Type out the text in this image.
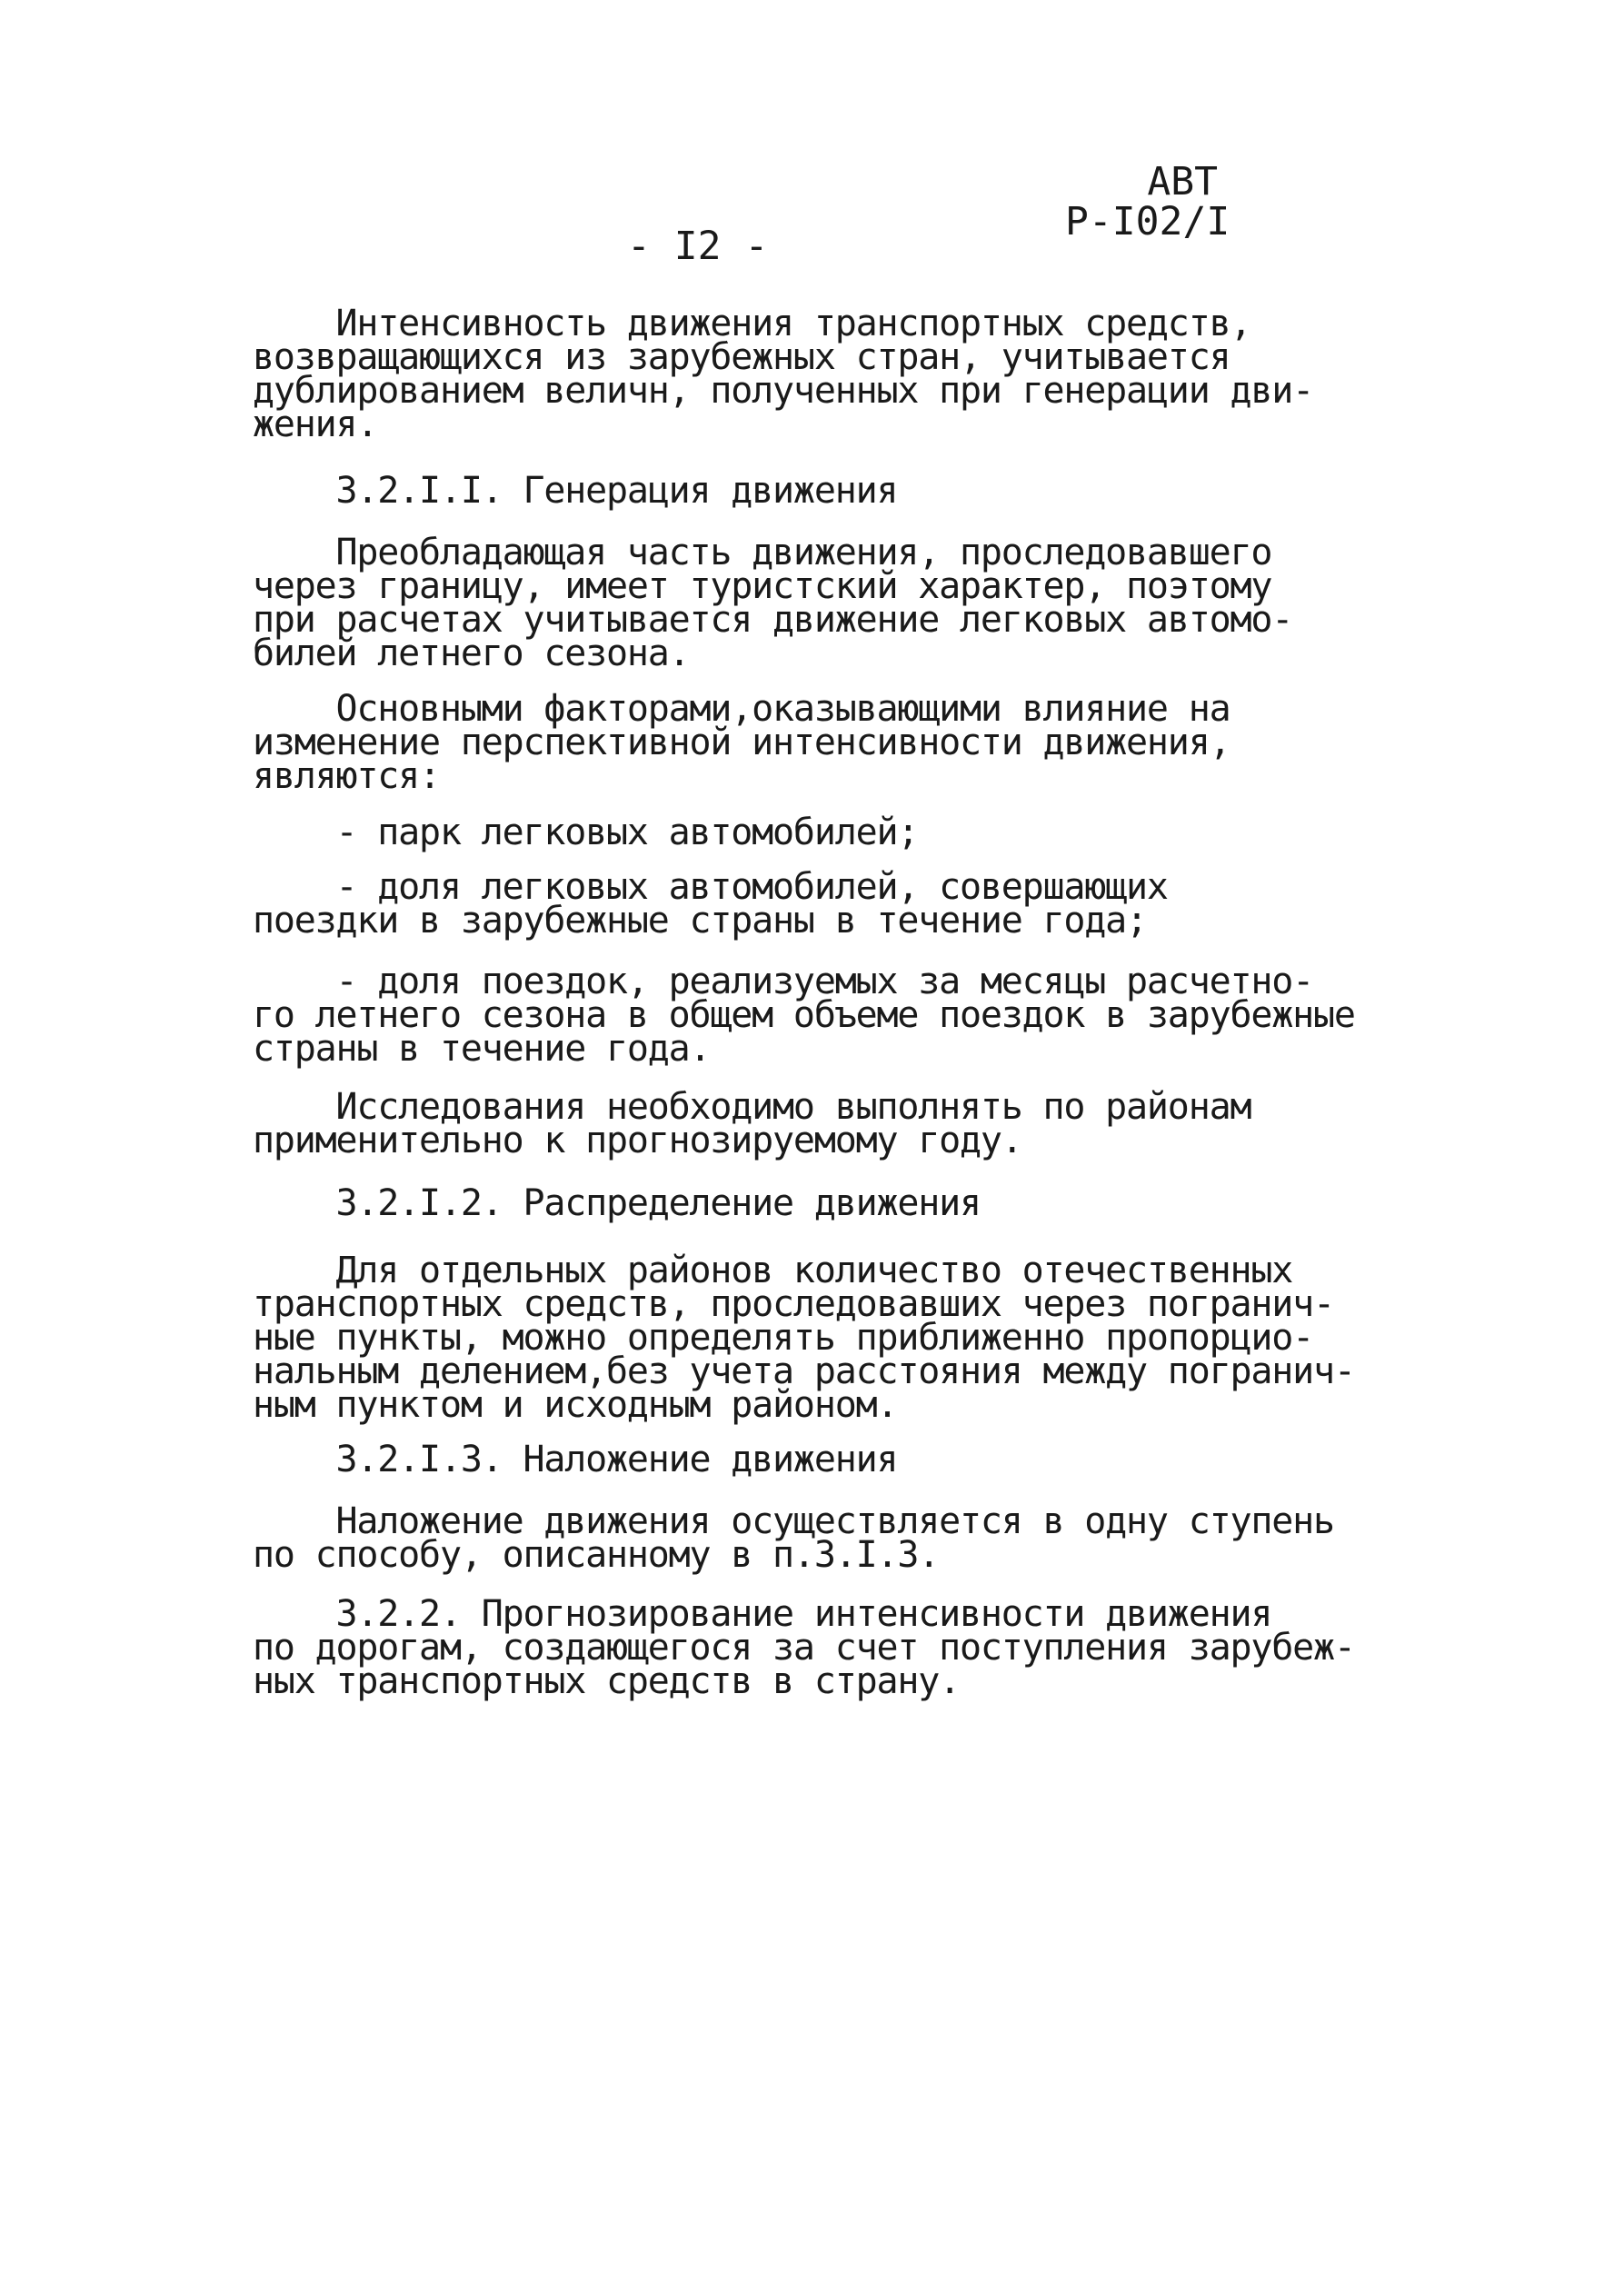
АВТ
Р-I02/I
- I2 -
Интенсивность движения транспортных средств,
возвращающихся из зарубежных стран, учитывается
дублированием величн, полученных при генерации дви-
жения.
3.2.I.I. Генерация движения
Преобладающая часть движения, проследовавшего
через границу, имеет туристский характер, поэтому
при расчетах учитывается движение легковых автомо-
билей летнего сезона.
Основными факторами,оказывающими влияние на
изменение перспективной интенсивности движения,
являются:
- парк легковых автомобилей;
- доля легковых автомобилей, совершающих
поездки в зарубежные страны в течение года;
- доля поездок, реализуемых за месяцы расчетно-
го летнего сезона в общем объеме поездок в зарубежные
страны в течение года.
Исследования необходимо выполнять по районам
применительно к прогнозируемому году.
3.2.I.2. Распределение движения
Для отдельных районов количество отечественных
транспортных средств, проследовавших через погранич-
ные пункты, можно определять приближенно пропорцио-
нальным делением,без учета расстояния между погранич-
ным пунктом и исходным районом.
3.2.I.3. Наложение движения
Наложение движения осуществляется в одну ступень
по способу, описанному в п.3.I.3.
3.2.2. Прогнозирование интенсивности движения
по дорогам, создающегося за счет поступления зарубеж-
ных транспортных средств в страну.
